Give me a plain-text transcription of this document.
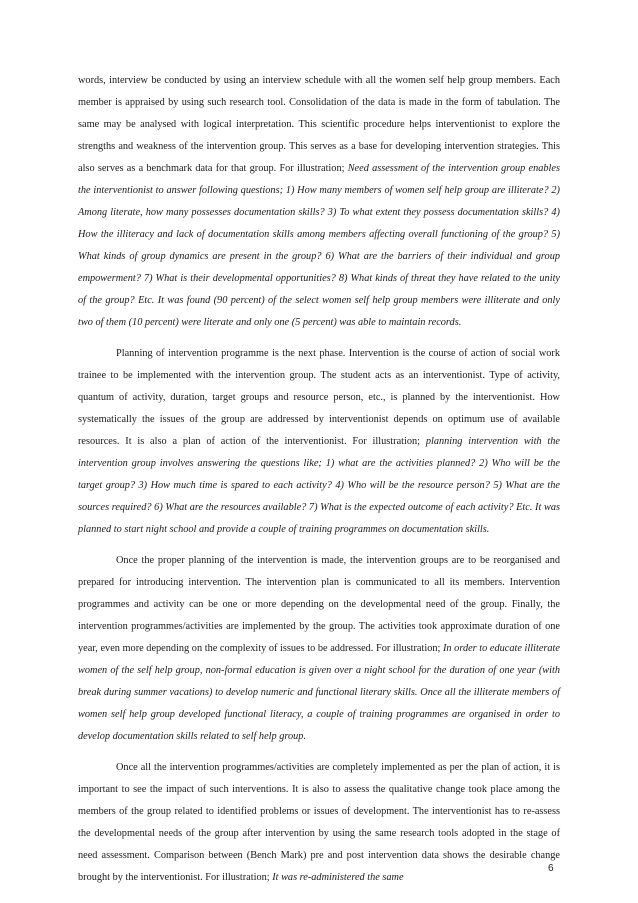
words, interview be conducted by using an interview schedule with all the women self help group members. Each member is appraised by using such research tool. Consolidation of the data is made in the form of tabulation. The same may be analysed with logical interpretation. This scientific procedure helps interventionist to explore the strengths and weakness of the intervention group. This serves as a base for developing intervention strategies. This also serves as a benchmark data for that group. For illustration; Need assessment of the intervention group enables the interventionist to answer following questions; 1) How many members of women self help group are illiterate? 2) Among literate, how many possesses documentation skills? 3) To what extent they possess documentation skills? 4) How the illiteracy and lack of documentation skills among members affecting overall functioning of the group? 5) What kinds of group dynamics are present in the group? 6) What are the barriers of their individual and group empowerment? 7) What is their developmental opportunities? 8) What kinds of threat they have related to the unity of the group? Etc. It was found (90 percent) of the select women self help group members were illiterate and only two of them (10 percent) were literate and only one (5 percent) was able to maintain records.

Planning of intervention programme is the next phase. Intervention is the course of action of social work trainee to be implemented with the intervention group. The student acts as an interventionist. Type of activity, quantum of activity, duration, target groups and resource person, etc., is planned by the interventionist. How systematically the issues of the group are addressed by interventionist depends on optimum use of available resources. It is also a plan of action of the interventionist. For illustration; planning intervention with the intervention group involves answering the questions like; 1) what are the activities planned? 2) Who will be the target group? 3) How much time is spared to each activity? 4) Who will be the resource person? 5) What are the sources required? 6) What are the resources available? 7) What is the expected outcome of each activity? Etc. It was planned to start night school and provide a couple of training programmes on documentation skills.

Once the proper planning of the intervention is made, the intervention groups are to be reorganised and prepared for introducing intervention. The intervention plan is communicated to all its members. Intervention programmes and activity can be one or more depending on the developmental need of the group. Finally, the intervention programmes/activities are implemented by the group. The activities took approximate duration of one year, even more depending on the complexity of issues to be addressed. For illustration; In order to educate illiterate women of the self help group, non-formal education is given over a night school for the duration of one year (with break during summer vacations) to develop numeric and functional literary skills. Once all the illiterate members of women self help group developed functional literacy, a couple of training programmes are organised in order to develop documentation skills related to self help group.

Once all the intervention programmes/activities are completely implemented as per the plan of action, it is important to see the impact of such interventions. It is also to assess the qualitative change took place among the members of the group related to identified problems or issues of development. The interventionist has to re-assess the developmental needs of the group after intervention by using the same research tools adopted in the stage of need assessment. Comparison between (Bench Mark) pre and post intervention data shows the desirable change brought by the interventionist. For illustration; It was re-administered the same

6
